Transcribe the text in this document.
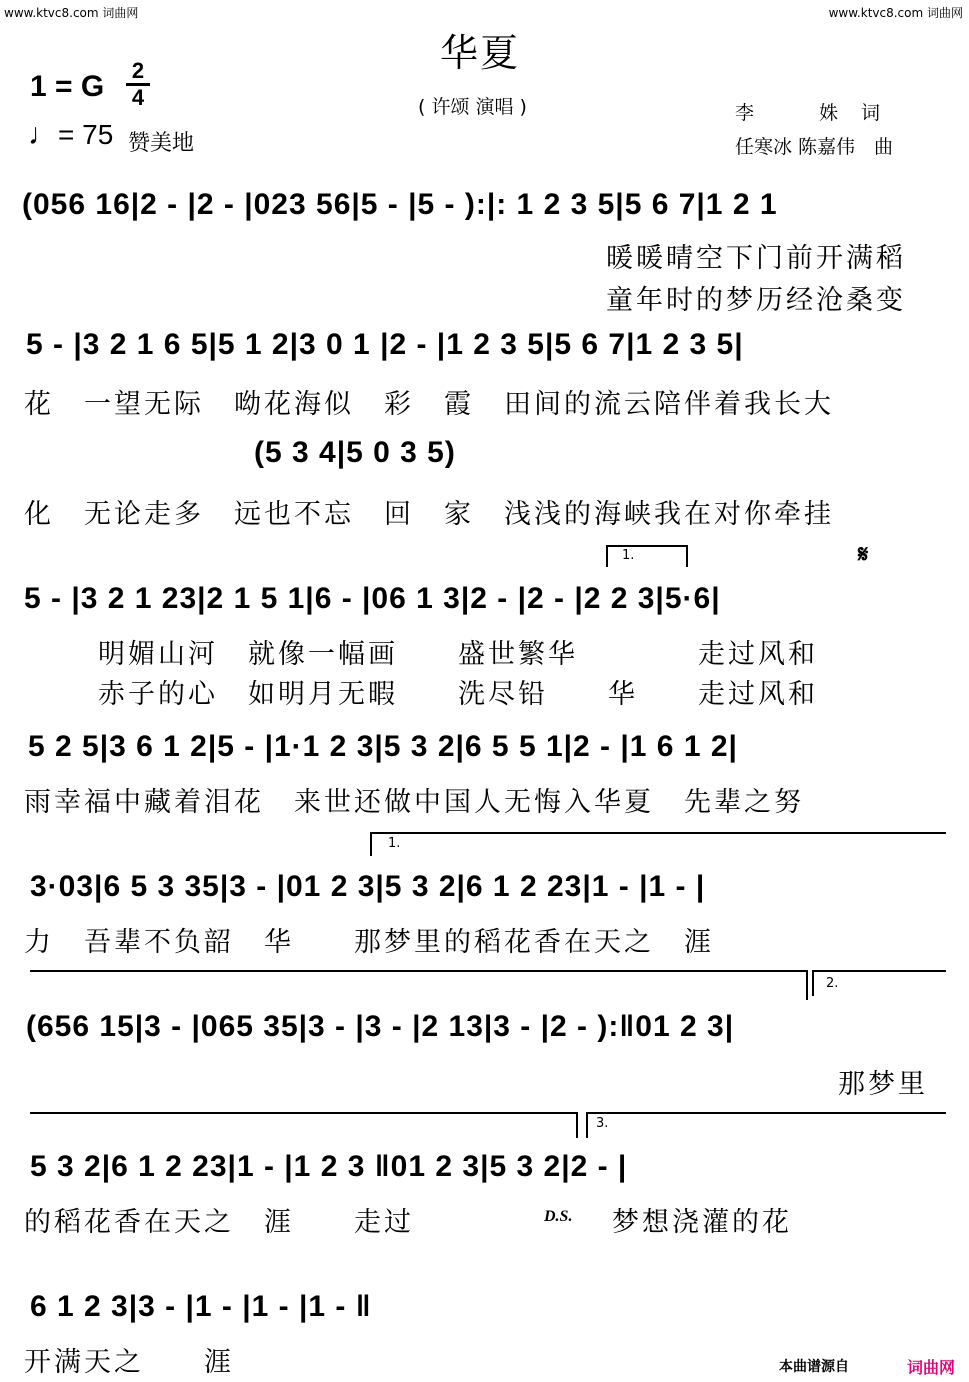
www.ktvc8.com 词曲网	www.ktvc8.com 词曲网
华夏
1 = G 2
4
♩= 75 赞美地
( 许颂 演唱 )	李　　　姝　词
任寒冰 陈嘉伟　曲
(056 16|2 - |2 - |023 56|5 - |5 - ):|: 1 2 3 5|5 6 7|1 2 1
暖暖晴空下门前开满稻
童年时的梦历经沧桑变
5 - |3 2 1 6 5|5 1 2|3 0 1 |2 - |1 2 3 5|5 6 7|1 2 3 5|
花　一望无际　呦花海似　彩　霞　田间的流云陪伴着我长大
(5 3 4|5 0 3 5)
化　无论走多　远也不忘　回　家　浅浅的海峡我在对你牵挂
1.	𝄋
5 - |3 2 1 23|2 1 5 1|6 - |06 1 3|2 - |2 - |2 2 3|5·6|
明媚山河　就像一幅画　　盛世繁华　　　　走过风和
赤子的心　如明月无暇　　洗尽铅　　华　　走过风和
5 2 5|3 6 1 2|5 - |1·1 2 3|5 3 2|6 5 5 1|2 - |1 6 1 2|
雨幸福中藏着泪花　来世还做中国人无悔入华夏　先辈之努
1.
3·03|6 5 3 35|3 - |01 2 3|5 3 2|6 1 2 23|1 - |1 - |
力　吾辈不负韶　华　　那梦里的稻花香在天之　涯
2.
(656 15|3 - |065 35|3 - |3 - |2 13|3 - |2 - ):‖01 2 3|
那梦里
3.
5 3 2|6 1 2 23|1 - |1 2 3 ‖01 2 3|5 3 2|2 - |
的稻花香在天之　涯　　走过	D.S. 梦想浇灌的花
6 1 2 3|3 - |1 - |1 - |1 - ‖
开满天之　　涯	本曲谱源自	词曲网
